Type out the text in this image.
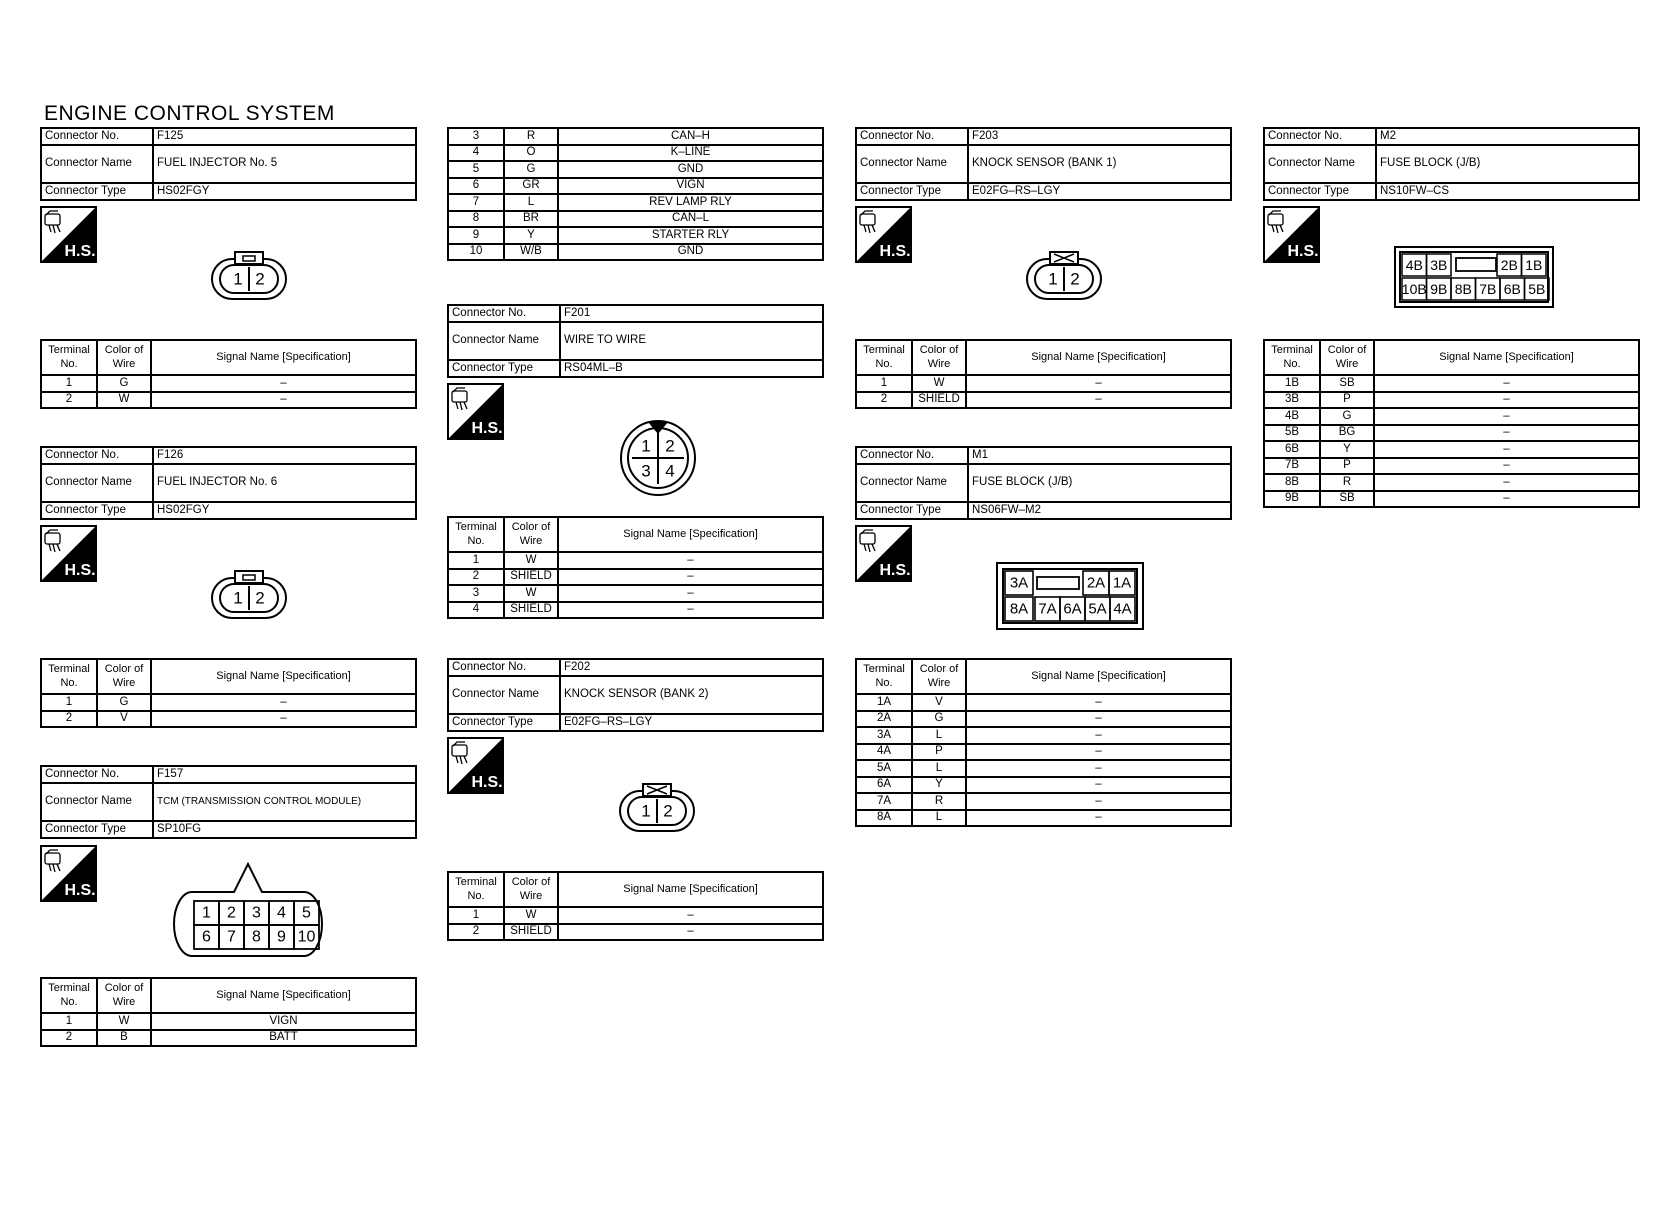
ENGINE CONTROL SYSTEM
Connector No.	F125
Connector Name	FUEL INJECTOR No. 5
Connector Type	HS02FGY
H.S.
1 2
Terminal No.	Color of Wire	Signal Name [Specification]
1	G	–
2	W	–
Connector No.	F126
Connector Name	FUEL INJECTOR No. 6
Connector Type	HS02FGY
H.S.
1 2
Terminal No.	Color of Wire	Signal Name [Specification]
1	G	–
2	V	–
Connector No.	F157
Connector Name	TCM (TRANSMISSION CONTROL MODULE)
Connector Type	SP10FG
H.S.
1
6
2
7
3
8
4
9
5
10
Terminal No.	Color of Wire	Signal Name [Specification]
1	W	VIGN
2	B	BATT
3	R	CAN–H
4	O	K–LINE
5	G	GND
6	GR	VIGN
7	L	REV LAMP RLY
8	BR	CAN–L
9	Y	STARTER RLY
10	W/B	GND
Connector No.	F201
Connector Name	WIRE TO WIRE
Connector Type	RS04ML–B
H.S.
1 2
3 4
Terminal No.	Color of Wire	Signal Name [Specification]
1	W	–
2	SHIELD	–
3	W	–
4	SHIELD	–
Connector No.	F202
Connector Name	KNOCK SENSOR (BANK 2)
Connector Type	E02FG–RS–LGY
H.S.
1 2
Terminal No.	Color of Wire	Signal Name [Specification]
1	W	–
2	SHIELD	–
Connector No.	F203
Connector Name	KNOCK SENSOR (BANK 1)
Connector Type	E02FG–RS–LGY
H.S.
1 2
Terminal No.	Color of Wire	Signal Name [Specification]
1	W	–
2	SHIELD	–
Connector No.	M1
Connector Name	FUSE BLOCK (J/B)
Connector Type	NS06FW–M2
H.S.
3A	2A 1A
8A 7A 6A 5A 4A
Terminal No.	Color of Wire	Signal Name [Specification]
1A	V	–
2A	G	–
3A	L	–
4A	P	–
5A	L	–
6A	Y	–
7A	R	–
8A	L	–
Connector No.	M2
Connector Name	FUSE BLOCK (J/B)
Connector Type	NS10FW–CS
H.S.
4B 3B	2B 1B
10B 9B 8B 7B 6B 5B
Terminal No.	Color of Wire	Signal Name [Specification]
1B	SB	–
3B	P	–
4B	G	–
5B	BG	–
6B	Y	–
7B	P	–
8B	R	–
9B	SB	–
